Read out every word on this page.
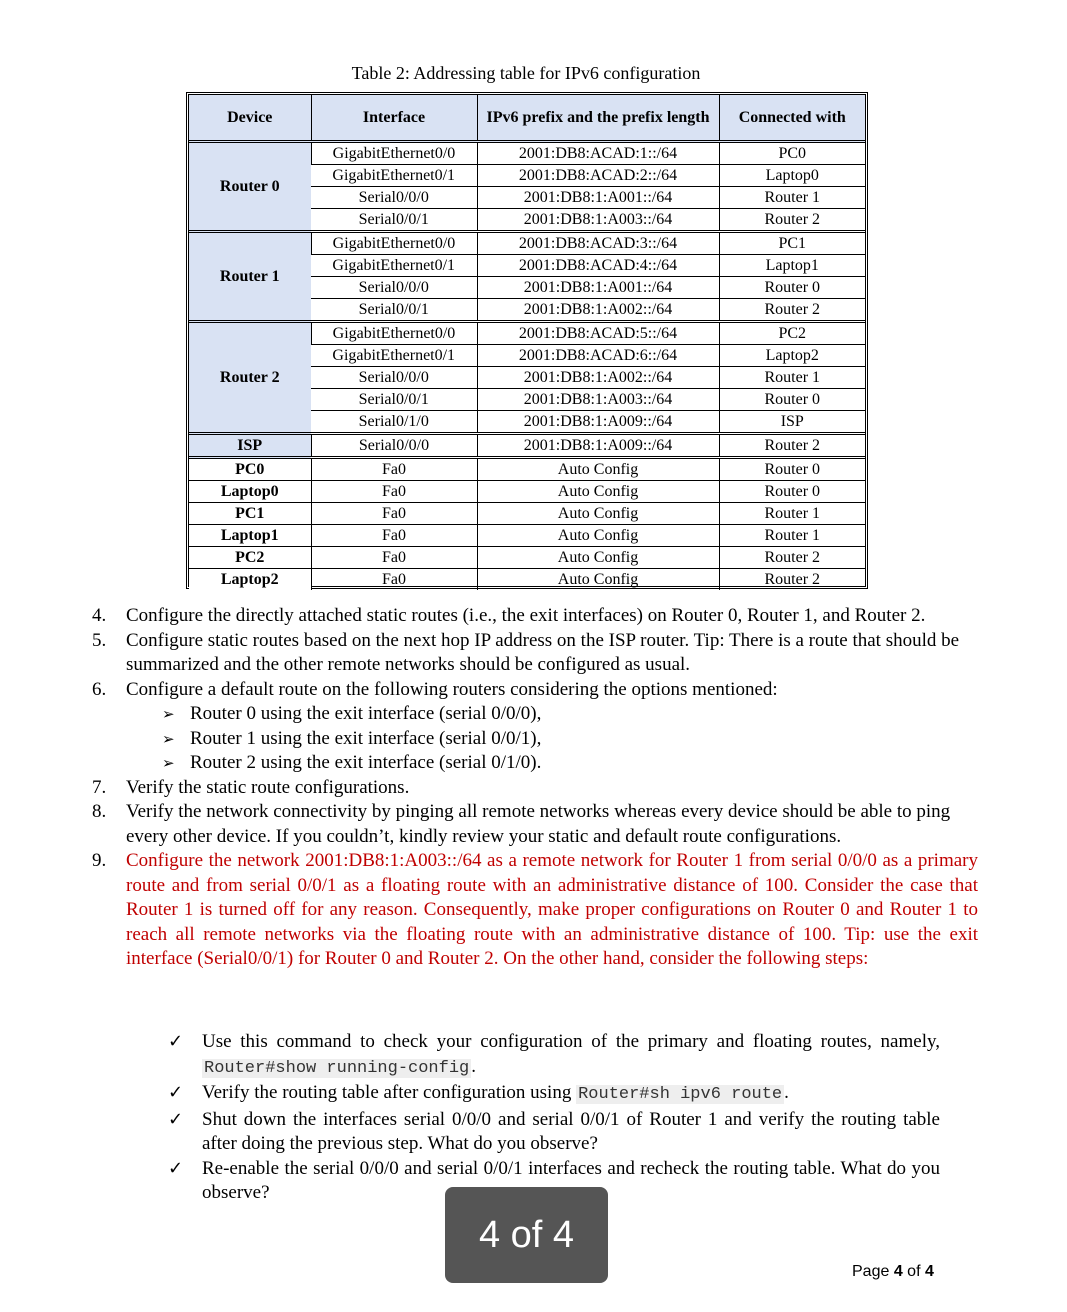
Table 2: Addressing table for IPv6 configuration
Device	Interface	IPv6 prefix and the prefix length	Connected with
Router 0	GigabitEthernet0/0	2001:DB8:ACAD:1::/64	PC0
	GigabitEthernet0/1	2001:DB8:ACAD:2::/64	Laptop0
	Serial0/0/0	2001:DB8:1:A001::/64	Router 1
	Serial0/0/1	2001:DB8:1:A003::/64	Router 2
Router 1	GigabitEthernet0/0	2001:DB8:ACAD:3::/64	PC1
	GigabitEthernet0/1	2001:DB8:ACAD:4::/64	Laptop1
	Serial0/0/0	2001:DB8:1:A001::/64	Router 0
	Serial0/0/1	2001:DB8:1:A002::/64	Router 2
Router 2	GigabitEthernet0/0	2001:DB8:ACAD:5::/64	PC2
	GigabitEthernet0/1	2001:DB8:ACAD:6::/64	Laptop2
	Serial0/0/0	2001:DB8:1:A002::/64	Router 1
	Serial0/0/1	2001:DB8:1:A003::/64	Router 0
	Serial0/1/0	2001:DB8:1:A009::/64	ISP
ISP	Serial0/0/0	2001:DB8:1:A009::/64	Router 2
PC0	Fa0	Auto Config	Router 0
Laptop0	Fa0	Auto Config	Router 0
PC1	Fa0	Auto Config	Router 1
Laptop1	Fa0	Auto Config	Router 1
PC2	Fa0	Auto Config	Router 2
Laptop2	Fa0	Auto Config	Router 2
4.	Configure the directly attached static routes (i.e., the exit interfaces) on Router 0, Router 1, and Router 2.
5.	Configure static routes based on the next hop IP address on the ISP router. Tip: There is a route that should be summarized and the other remote networks should be configured as usual.
6.	Configure a default route on the following routers considering the options mentioned:
➢ Router 0 using the exit interface (serial 0/0/0),
➢ Router 1 using the exit interface (serial 0/0/1),
➢ Router 2 using the exit interface (serial 0/1/0).
7.	Verify the static route configurations.
8.	Verify the network connectivity by pinging all remote networks whereas every device should be able to ping every other device. If you couldn’t, kindly review your static and default route configurations.
9.	Configure the network 2001:DB8:1:A003::/64 as a remote network for Router 1 from serial 0/0/0 as a primary route and from serial 0/0/1 as a floating route with an administrative distance of 100. Consider the case that Router 1 is turned off for any reason. Consequently, make proper configurations on Router 0 and Router 1 to reach all remote networks via the floating route with an administrative distance of 100. Tip: use the exit interface (Serial0/0/1) for Router 0 and Router 2. On the other hand, consider the following steps:
✓ Use this command to check your configuration of the primary and floating routes, namely, Router#show running-config .
✓ Verify the routing table after configuration using Router#sh ipv6 route .
✓ Shut down the interfaces serial 0/0/0 and serial 0/0/1 of Router 1 and verify the routing table after doing the previous step. What do you observe?
✓ Re-enable the serial 0/0/0 and serial 0/0/1 interfaces and recheck the routing table. What do you observe?
4 of 4
Page 4 of 4
